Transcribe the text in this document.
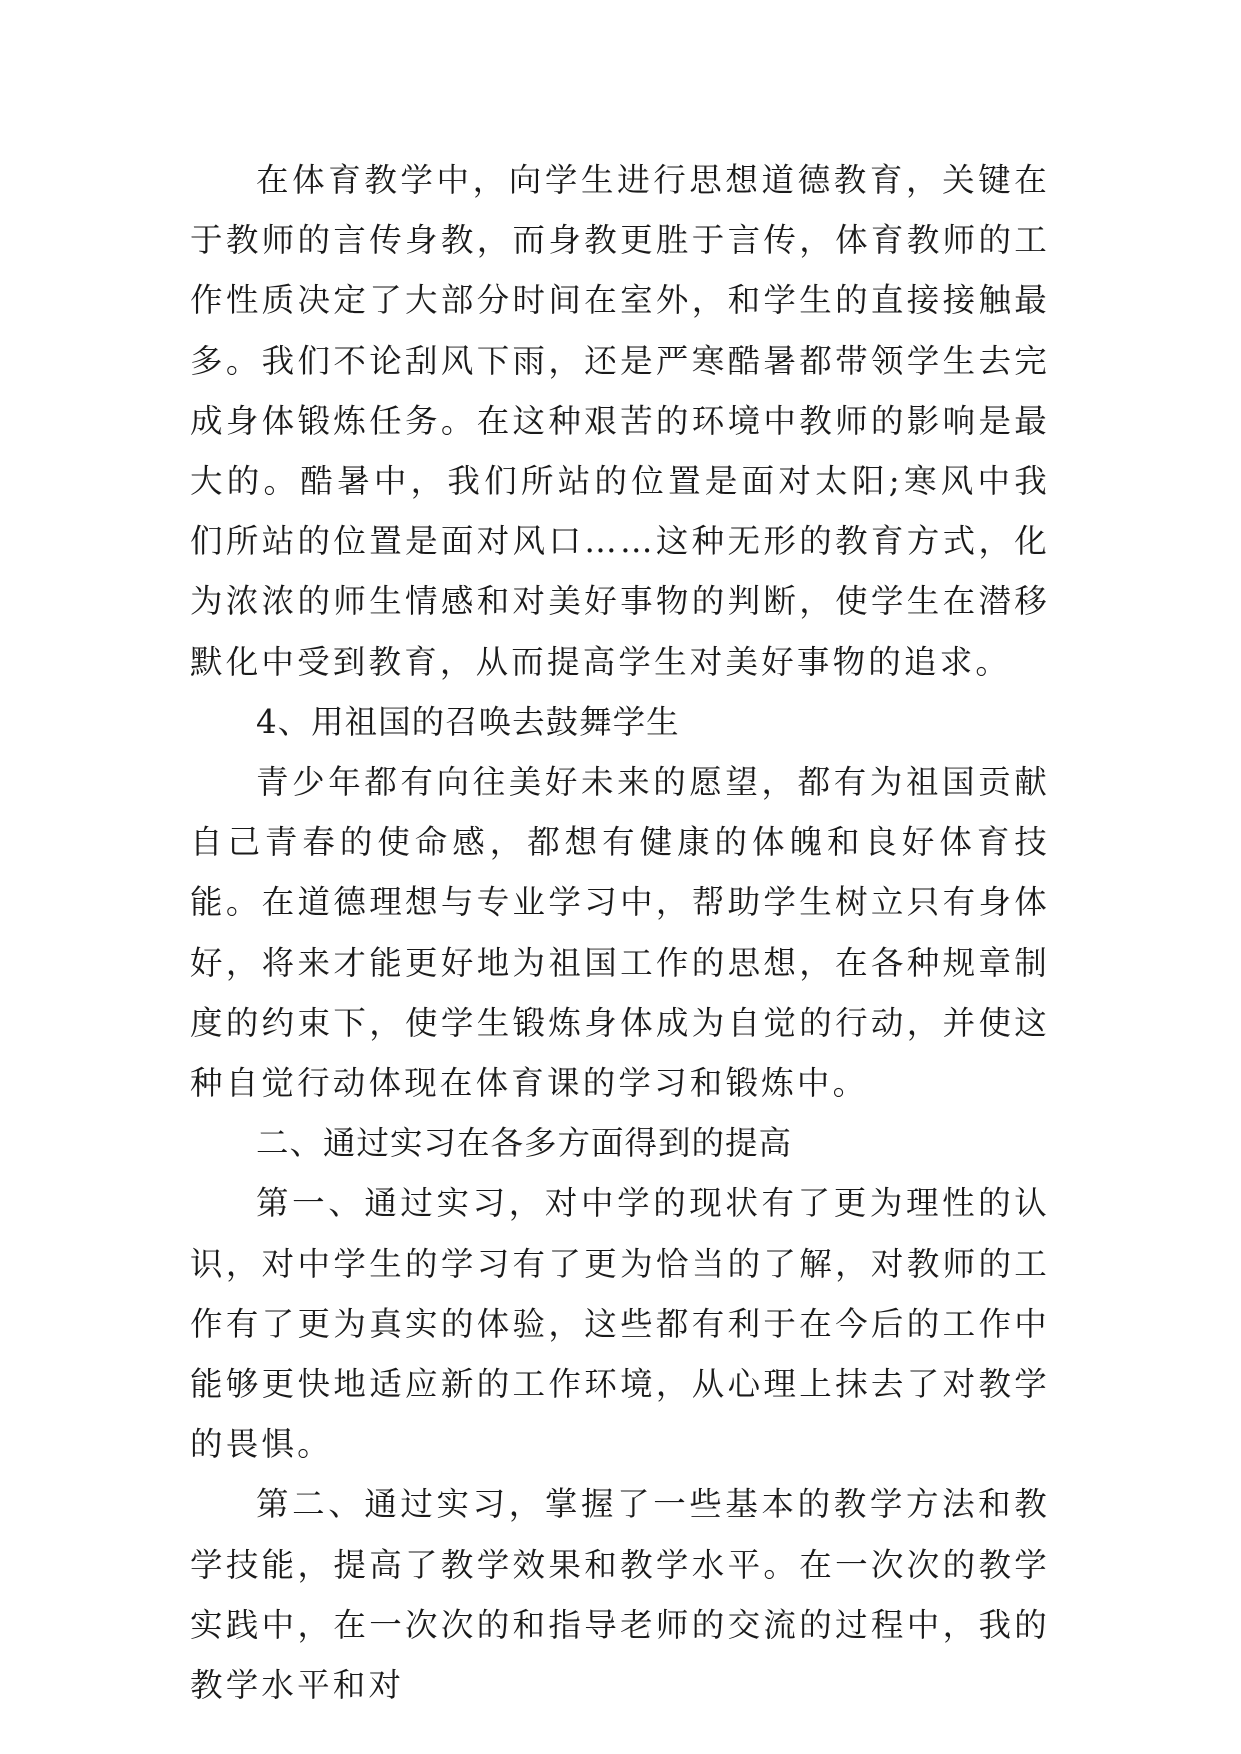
在体育教学中，向学生进行思想道德教育，关键在于教师的言传身教，而身教更胜于言传，体育教师的工作性质决定了大部分时间在室外，和学生的直接接触最多。我们不论刮风下雨，还是严寒酷暑都带领学生去完成身体锻炼任务。在这种艰苦的环境中教师的影响是最大的。酷暑中，我们所站的位置是面对太阳;寒风中我们所站的位置是面对风口……这种无形的教育方式，化为浓浓的师生情感和对美好事物的判断，使学生在潜移默化中受到教育，从而提高学生对美好事物的追求。

4、用祖国的召唤去鼓舞学生

青少年都有向往美好未来的愿望，都有为祖国贡献自己青春的使命感，都想有健康的体魄和良好体育技能。在道德理想与专业学习中，帮助学生树立只有身体好，将来才能更好地为祖国工作的思想，在各种规章制度的约束下，使学生锻炼身体成为自觉的行动，并使这种自觉行动体现在体育课的学习和锻炼中。

二、通过实习在各多方面得到的提高

第一、通过实习，对中学的现状有了更为理性的认识，对中学生的学习有了更为恰当的了解，对教师的工作有了更为真实的体验，这些都有利于在今后的工作中能够更快地适应新的工作环境，从心理上抹去了对教学的畏惧。

第二、通过实习，掌握了一些基本的教学方法和教学技能，提高了教学效果和教学水平。在一次次的教学实践中，在一次次的和指导老师的交流的过程中，我的教学水平和对
